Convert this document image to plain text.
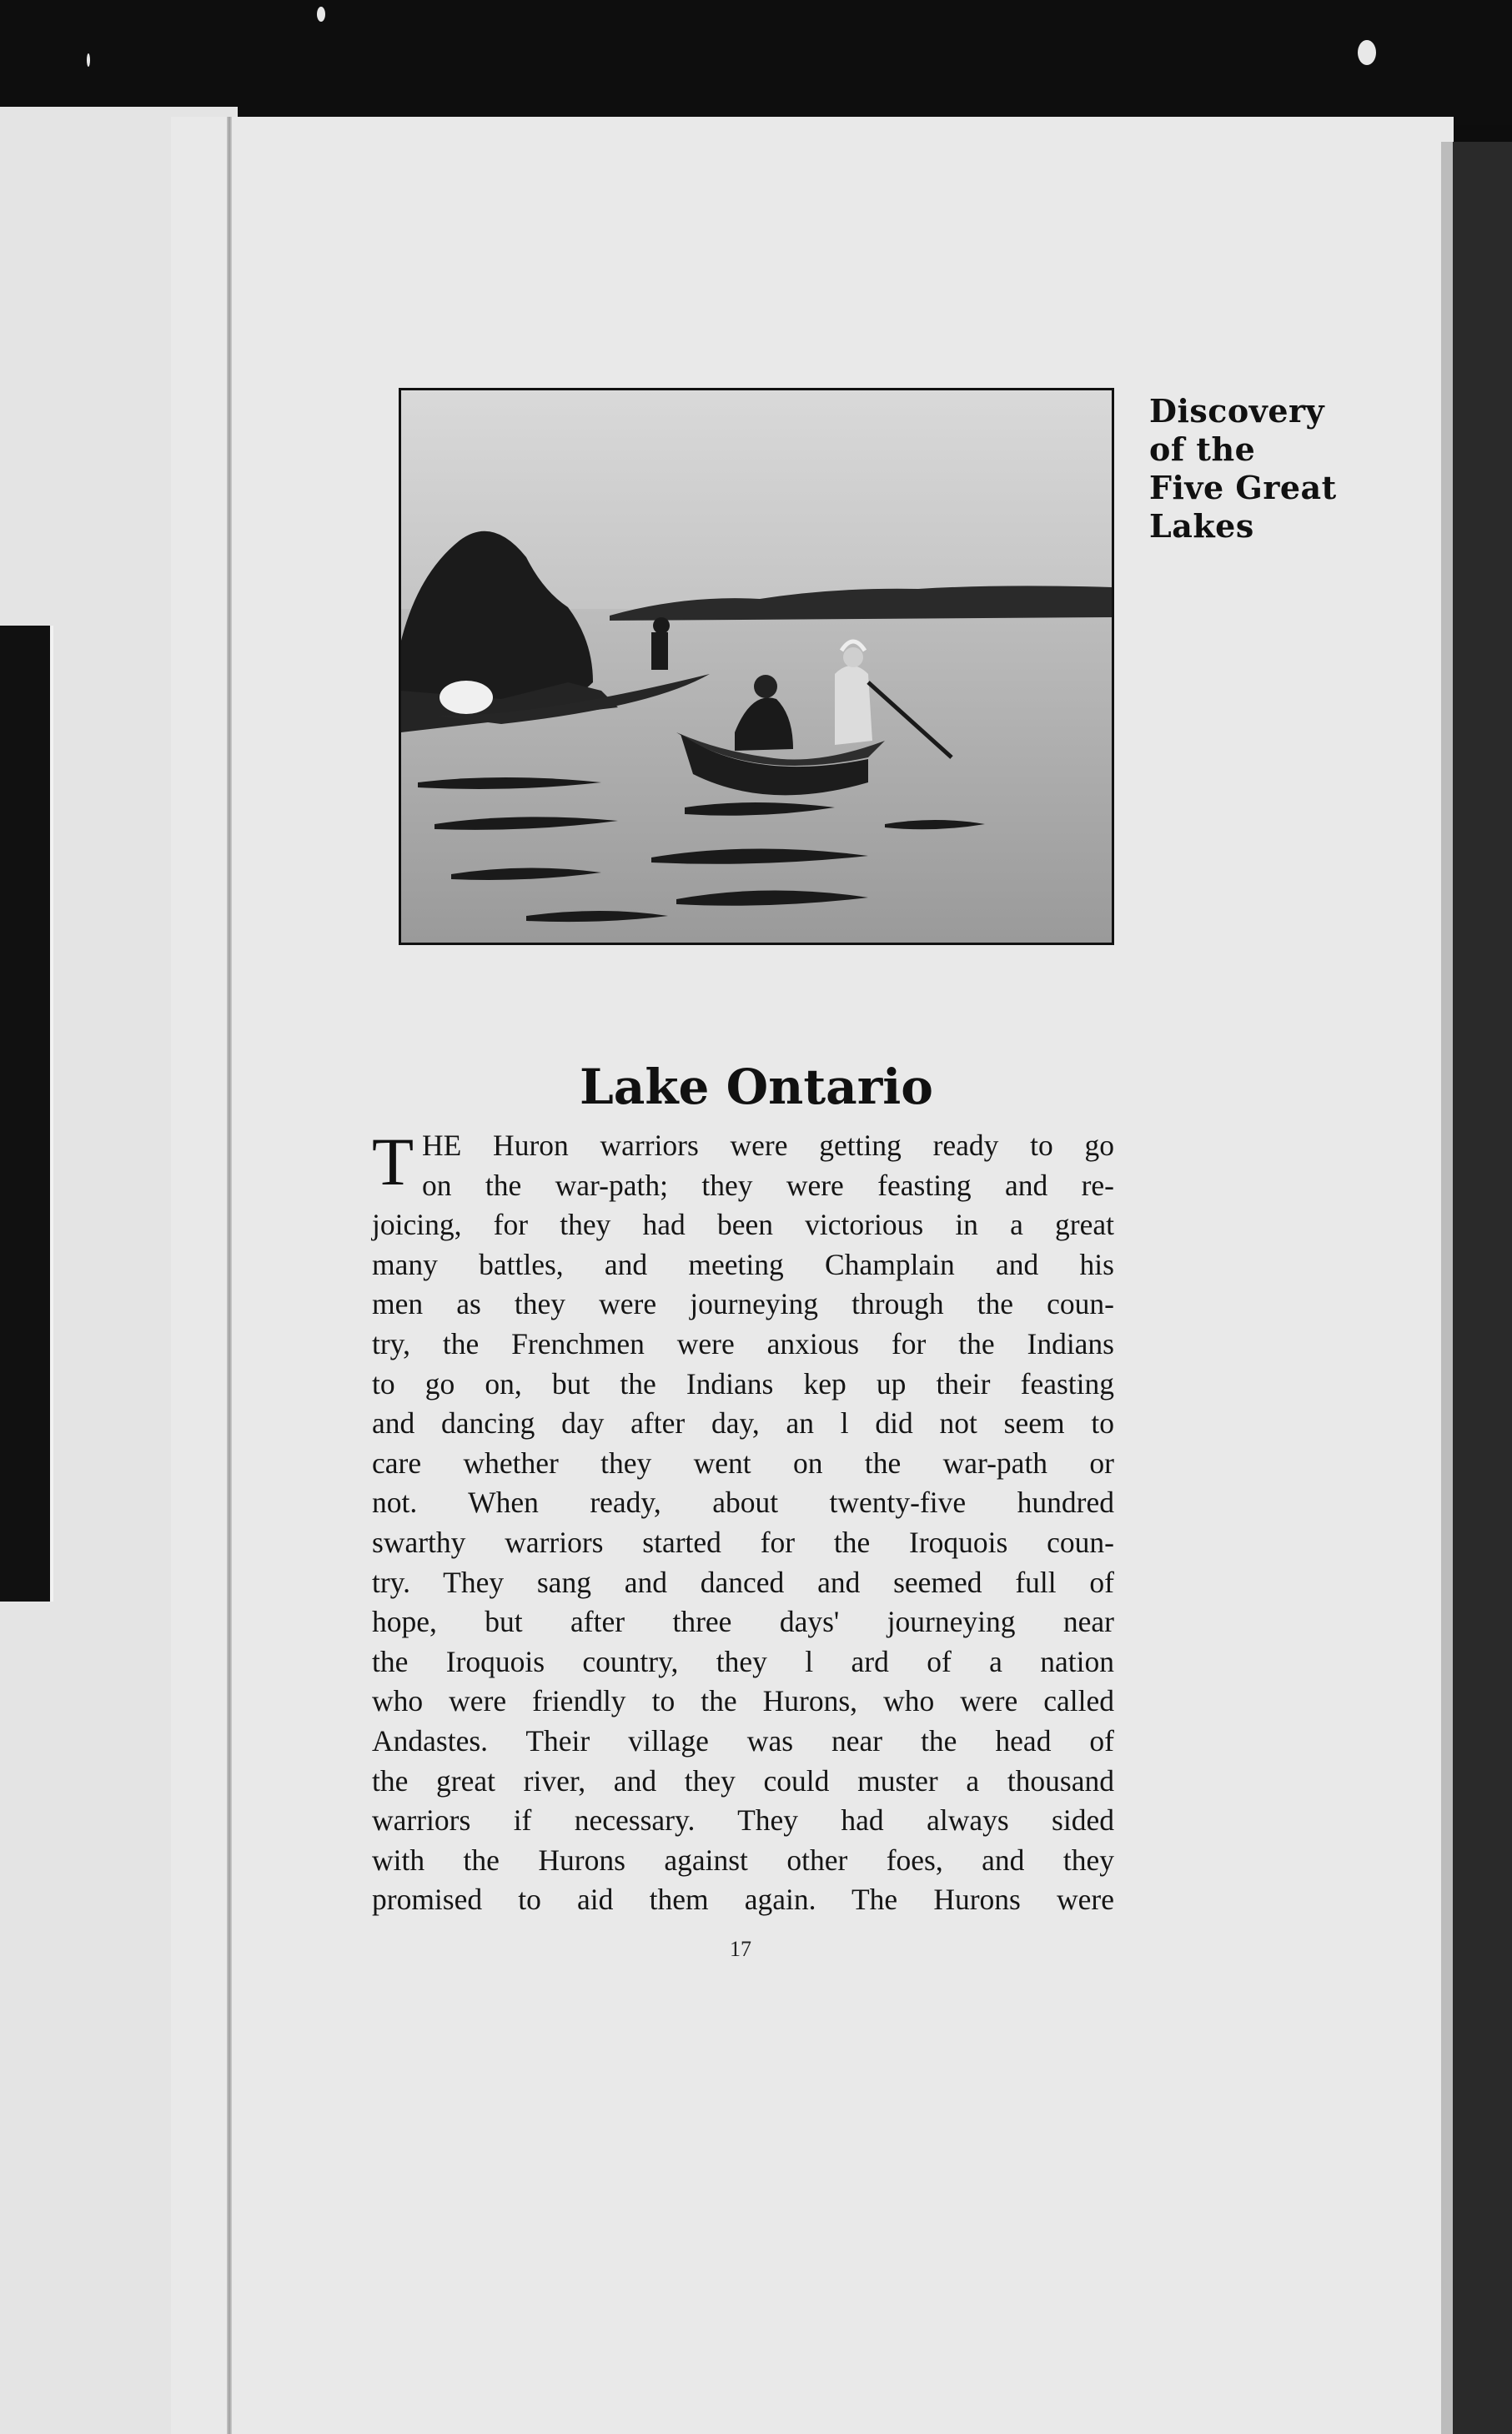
Discovery
of the
Five Great
Lakes
Lake Ontario
T HE Huron warriors were getting ready to go
on the war-path; they were feasting and re-
joicing, for they had been victorious in a great
many battles, and meeting Champlain and his
men as they were journeying through the coun-
try, the Frenchmen were anxious for the Indians
to go on, but the Indians kep up their feasting
and dancing day after day, an l did not seem to
care whether they went on the war-path or
not. When ready, about twenty-five hundred
swarthy warriors started for the Iroquois coun-
try. They sang and danced and seemed full of
hope, but after three days' journeying near
the Iroquois country, they l ard of a nation
who were friendly to the Hurons, who were called
Andastes. Their village was near the head of
the great river, and they could muster a thousand
warriors if necessary. They had always sided
with the Hurons against other foes, and they
promised to aid them again. The Hurons were
17
